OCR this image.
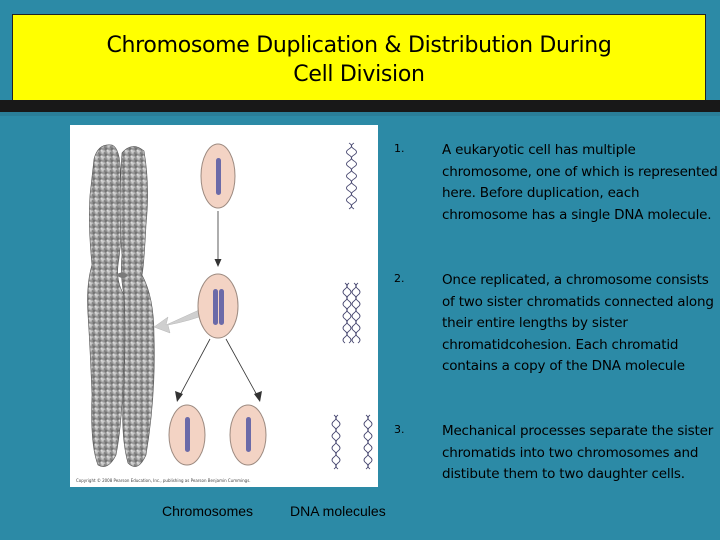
Chromosome Duplication & Distribution During
Cell Division
Copyright © 2008 Pearson Education, Inc., publishing as Pearson Benjamin Cummings.
Chromosomes	DNA molecules
1.	A eukaryotic cell has multiple chromosome, one of which is represented here. Before duplication, each chromosome has a single DNA molecule.
2.	Once replicated, a chromosome consists of two sister chromatids connected along their entire lengths by sister chromatidcohesion. Each chromatid contains a copy of the DNA molecule
3.	Mechanical processes separate the sister chromatids into two chromosomes and distibute them to two daughter cells.
